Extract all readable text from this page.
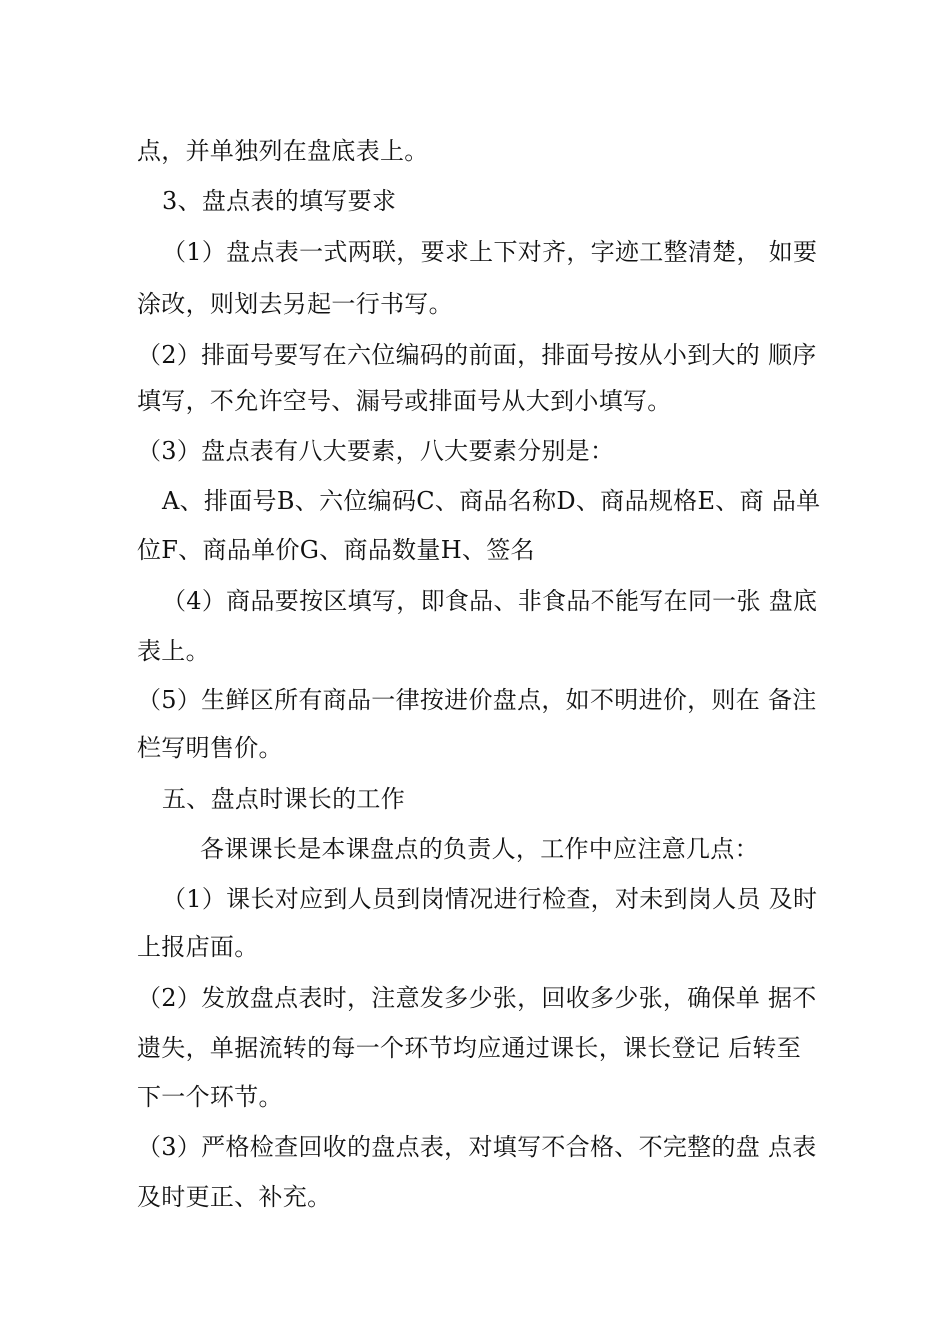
点，并单独列在盘底表上。
3、盘点表的填写要求
（1）盘点表一式两联，要求上下对齐，字迹工整清楚， 如要
涂改，则划去另起一行书写。
（2）排面号要写在六位编码的前面，排面号按从小到大的 顺序
填写，不允许空号、漏号或排面号从大到小填写。
（3）盘点表有八大要素，八大要素分别是：
A、排面号B、六位编码C、商品名称D、商品规格E、商 品单
位F、商品单价G、商品数量H、签名
（4）商品要按区填写，即食品、非食品不能写在同一张 盘底
表上。
（5）生鲜区所有商品一律按进价盘点，如不明进价，则在 备注
栏写明售价。
五、盘点时课长的工作
各课课长是本课盘点的负责人，工作中应注意几点：
（1）课长对应到人员到岗情况进行检查，对未到岗人员 及时
上报店面。
（2）发放盘点表时，注意发多少张，回收多少张，确保单 据不
遗失，单据流转的每一个环节均应通过课长，课长登记 后转至
下一个环节。
（3）严格检查回收的盘点表，对填写不合格、不完整的盘 点表
及时更正、补充。
